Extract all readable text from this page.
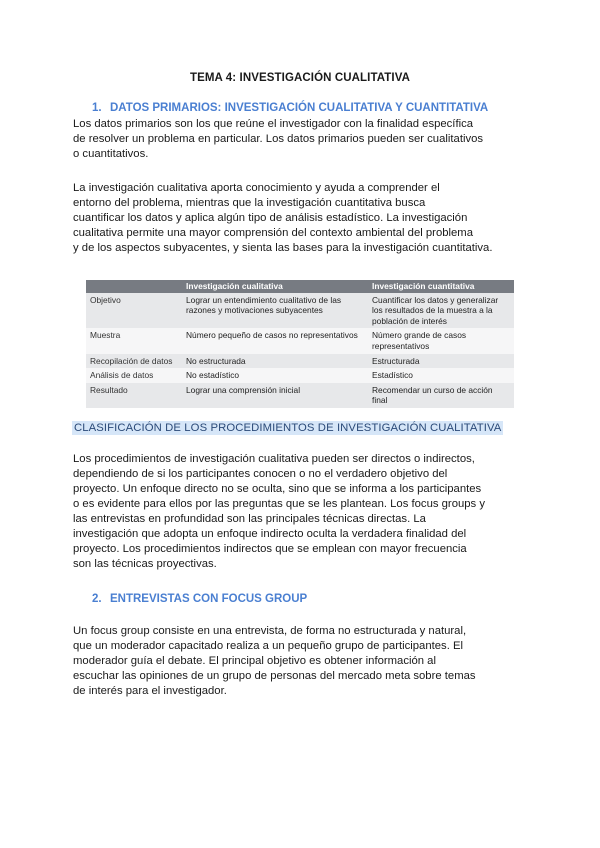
TEMA 4: INVESTIGACIÓN CUALITATIVA
1. DATOS PRIMARIOS: INVESTIGACIÓN CUALITATIVA Y CUANTITATIVA
Los datos primarios son los que reúne el investigador con la finalidad específica
de resolver un problema en particular. Los datos primarios pueden ser cualitativos
o cuantitativos.
La investigación cualitativa aporta conocimiento y ayuda a comprender el
entorno del problema, mientras que la investigación cuantitativa busca
cuantificar los datos y aplica algún tipo de análisis estadístico. La investigación
cualitativa permite una mayor comprensión del contexto ambiental del problema
y de los aspectos subyacentes, y sienta las bases para la investigación cuantitativa.
	Investigación cualitativa	Investigación cuantitativa
Objetivo	Lograr un entendimiento cualitativo de las razones y motivaciones subyacentes	Cuantificar los datos y generalizar los resultados de la muestra a la población de interés
Muestra	Número pequeño de casos no representativos	Número grande de casos representativos
Recopilación de datos	No estructurada	Estructurada
Análisis de datos	No estadístico	Estadístico
Resultado	Lograr una comprensión inicial	Recomendar un curso de acción final
CLASIFICACIÓN DE LOS PROCEDIMIENTOS DE INVESTIGACIÓN CUALITATIVA
Los procedimientos de investigación cualitativa pueden ser directos o indirectos,
dependiendo de si los participantes conocen o no el verdadero objetivo del
proyecto. Un enfoque directo no se oculta, sino que se informa a los participantes
o es evidente para ellos por las preguntas que se les plantean. Los focus groups y
las entrevistas en profundidad son las principales técnicas directas. La
investigación que adopta un enfoque indirecto oculta la verdadera finalidad del
proyecto. Los procedimientos indirectos que se emplean con mayor frecuencia
son las técnicas proyectivas.
2. ENTREVISTAS CON FOCUS GROUP
Un focus group consiste en una entrevista, de forma no estructurada y natural,
que un moderador capacitado realiza a un pequeño grupo de participantes. El
moderador guía el debate. El principal objetivo es obtener información al
escuchar las opiniones de un grupo de personas del mercado meta sobre temas
de interés para el investigador.
